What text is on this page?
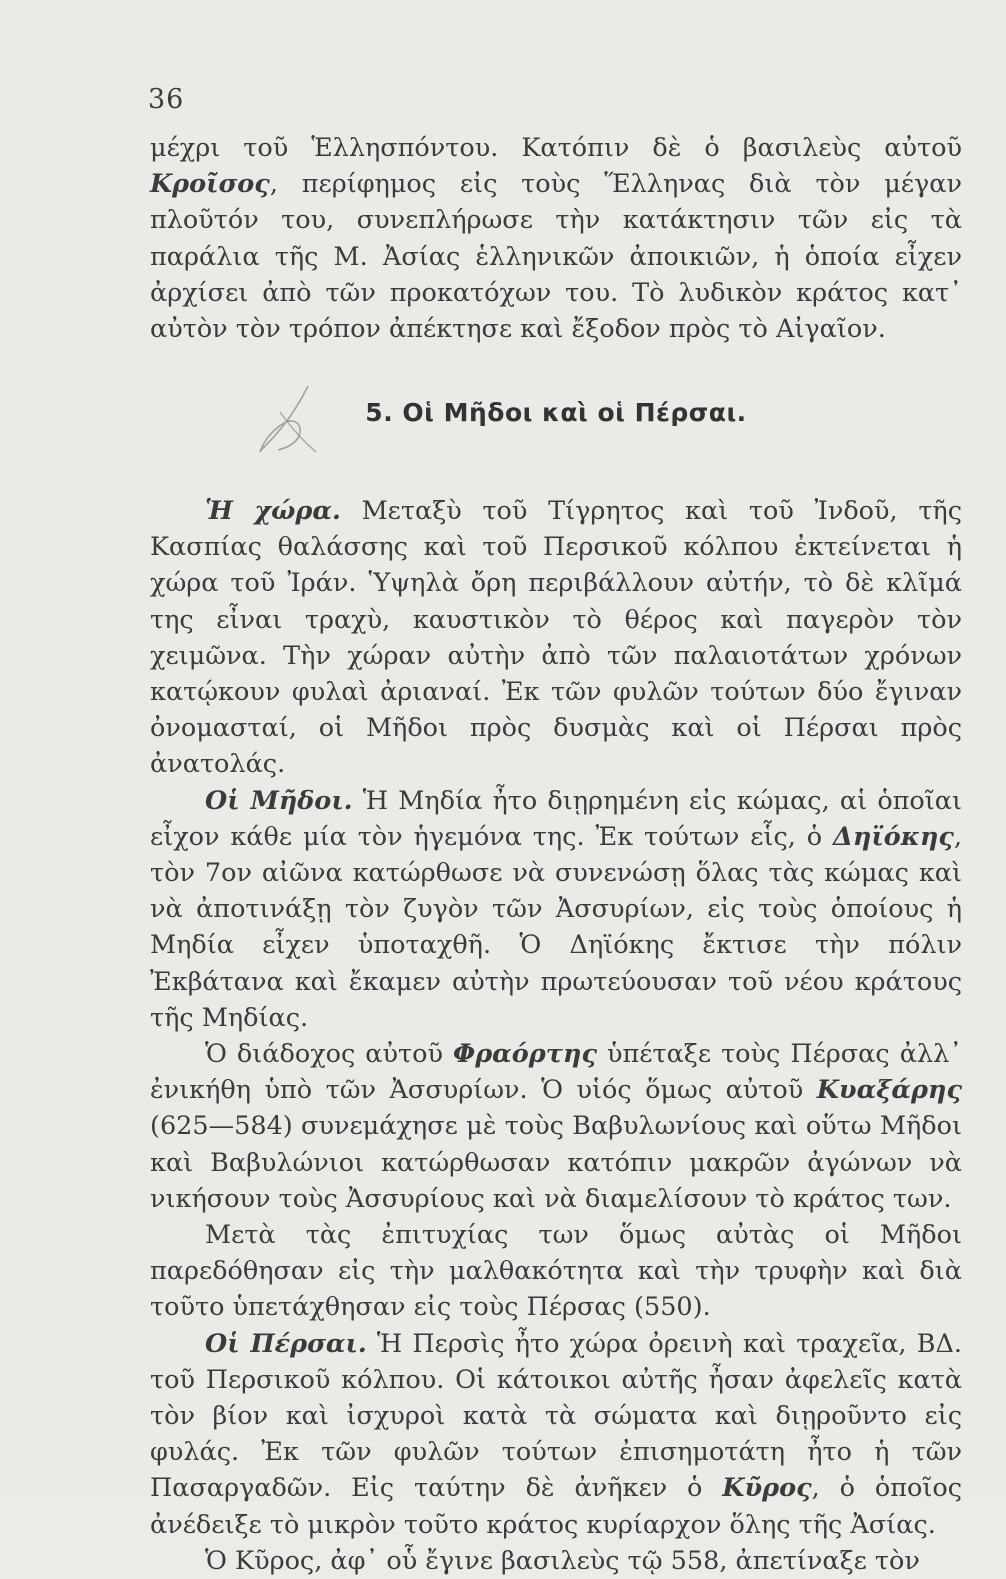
36

μέχρι τοῦ Ἑλλησπόντου. Κατόπιν δὲ ὁ βασιλεὺς αὐτοῦ Κροῖσος, περίφημος εἰς τοὺς Ἕλληνας διὰ τὸν μέγαν πλοῦτόν του, συνεπλήρωσε τὴν κατάκτησιν τῶν εἰς τὰ παράλια τῆς Μ. Ἀσίας ἑλληνικῶν ἀποικιῶν, ἡ ὁποία εἶχεν ἀρχίσει ἀπὸ τῶν προκατόχων του. Τὸ λυδικὸν κράτος κατ᾿ αὐτὸν τὸν τρόπον ἀπέκτησε καὶ ἔξοδον πρὸς τὸ Αἰγαῖον.

5. Οἱ Μῆδοι καὶ οἱ Πέρσαι.

Ἡ χώρα. Μεταξὺ τοῦ Τίγρητος καὶ τοῦ Ἰνδοῦ, τῆς Κασπίας θαλάσσης καὶ τοῦ Περσικοῦ κόλπου ἐκτείνεται ἡ χώρα τοῦ Ἰράν. Ὑψηλὰ ὄρη περιβάλλουν αὐτήν, τὸ δὲ κλῖμά της εἶναι τραχὺ, καυστικὸν τὸ θέρος καὶ παγερὸν τὸν χειμῶνα. Τὴν χώραν αὐτὴν ἀπὸ τῶν παλαιοτάτων χρόνων κατῴκουν φυλαὶ ἀριαναί. Ἐκ τῶν φυλῶν τούτων δύο ἔγιναν ὀνομασταί, οἱ Μῆδοι πρὸς δυσμὰς καὶ οἱ Πέρσαι πρὸς ἀνατολάς.

Οἱ Μῆδοι. Ἡ Μηδία ἦτο διῃρημένη εἰς κώμας, αἱ ὁποῖαι εἶχον κάθε μία τὸν ἡγεμόνα της. Ἐκ τούτων εἷς, ὁ Δηϊόκης, τὸν 7ον αἰῶνα κατώρθωσε νὰ συνενώσῃ ὅλας τὰς κώμας καὶ νὰ ἀποτινάξῃ τὸν ζυγὸν τῶν Ἀσσυρίων, εἰς τοὺς ὁποίους ἡ Μηδία εἶχεν ὑποταχθῆ. Ὁ Δηϊόκης ἔκτισε τὴν πόλιν Ἐκβάτανα καὶ ἔκαμεν αὐτὴν πρωτεύουσαν τοῦ νέου κράτους τῆς Μηδίας.

Ὁ διάδοχος αὐτοῦ Φραόρτης ὑπέταξε τοὺς Πέρσας ἀλλ᾿ ἐνικήθη ὑπὸ τῶν Ἀσσυρίων. Ὁ υἱός ὅμως αὐτοῦ Κυαξάρης (625—584) συνεμάχησε μὲ τοὺς Βαβυλωνίους καὶ οὕτω Μῆδοι καὶ Βαβυλώνιοι κατώρθωσαν κατόπιν μακρῶν ἀγώνων νὰ νικήσουν τοὺς Ἀσσυρίους καὶ νὰ διαμελίσουν τὸ κράτος των.

Μετὰ τὰς ἐπιτυχίας των ὅμως αὐτὰς οἱ Μῆδοι παρεδόθησαν εἰς τὴν μαλθακότητα καὶ τὴν τρυφὴν καὶ διὰ τοῦτο ὑπετάχθησαν εἰς τοὺς Πέρσας (550).

Οἱ Πέρσαι. Ἡ Περσὶς ἦτο χώρα ὀρεινὴ καὶ τραχεῖα, ΒΔ. τοῦ Περσικοῦ κόλπου. Οἱ κάτοικοι αὐτῆς ἦσαν ἀφελεῖς κατὰ τὸν βίον καὶ ἰσχυροὶ κατὰ τὰ σώματα καὶ διῃροῦντο εἰς φυλάς. Ἐκ τῶν φυλῶν τούτων ἐπισημοτάτη ἦτο ἡ τῶν Πασαργαδῶν. Εἰς ταύτην δὲ ἀνῆκεν ὁ Κῦρος, ὁ ὁποῖος ἀνέδειξε τὸ μικρὸν τοῦτο κράτος κυρίαρχον ὅλης τῆς Ἀσίας.

Ὁ Κῦρος, ἀφ᾿ οὗ ἔγινε βασιλεὺς τῷ 558, ἀπετίναξε τὸν
